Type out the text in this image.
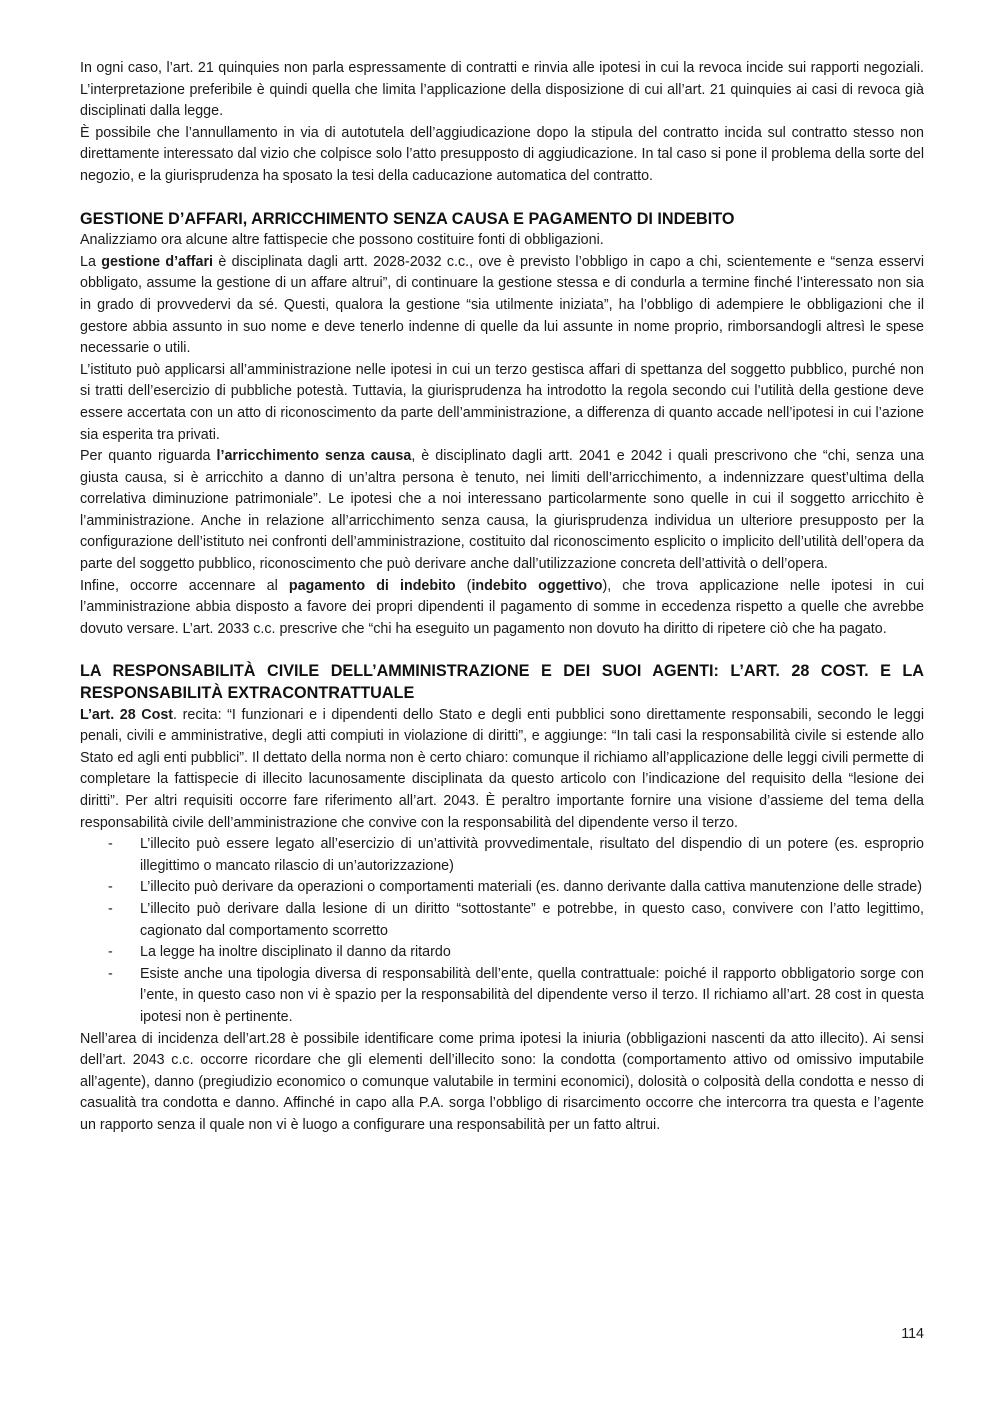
In ogni caso, l’art. 21 quinquies non parla espressamente di contratti e rinvia alle ipotesi in cui la revoca incide sui rapporti negoziali. L’interpretazione preferibile è quindi quella che limita l’applicazione della disposizione di cui all’art. 21 quinquies ai casi di revoca già disciplinati dalla legge.

È possibile che l’annullamento in via di autotutela dell’aggiudicazione dopo la stipula del contratto incida sul contratto stesso non direttamente interessato dal vizio che colpisce solo l’atto presupposto di aggiudicazione. In tal caso si pone il problema della sorte del negozio, e la giurisprudenza ha sposato la tesi della caducazione automatica del contratto.

GESTIONE D’AFFARI, ARRICCHIMENTO SENZA CAUSA E PAGAMENTO DI INDEBITO

Analizziamo ora alcune altre fattispecie che possono costituire fonti di obbligazioni.

La gestione d’affari è disciplinata dagli artt. 2028-2032 c.c., ove è previsto l’obbligo in capo a chi, scientemente e “senza esservi obbligato, assume la gestione di un affare altrui”, di continuare la gestione stessa e di condurla a termine finché l’interessato non sia in grado di provvedervi da sé. Questi, qualora la gestione “sia utilmente iniziata”, ha l’obbligo di adempiere le obbligazioni che il gestore abbia assunto in suo nome e deve tenerlo indenne di quelle da lui assunte in nome proprio, rimborsandogli altresì le spese necessarie o utili.

L’istituto può applicarsi all’amministrazione nelle ipotesi in cui un terzo gestisca affari di spettanza del soggetto pubblico, purché non si tratti dell’esercizio di pubbliche potestà. Tuttavia, la giurisprudenza ha introdotto la regola secondo cui l’utilità della gestione deve essere accertata con un atto di riconoscimento da parte dell’amministrazione, a differenza di quanto accade nell’ipotesi in cui l’azione sia esperita tra privati.

Per quanto riguarda l’arricchimento senza causa, è disciplinato dagli artt. 2041 e 2042 i quali prescrivono che “chi, senza una giusta causa, si è arricchito a danno di un’altra persona è tenuto, nei limiti dell’arricchimento, a indennizzare quest’ultima della correlativa diminuzione patrimoniale”. Le ipotesi che a noi interessano particolarmente sono quelle in cui il soggetto arricchito è l’amministrazione. Anche in relazione all’arricchimento senza causa, la giurisprudenza individua un ulteriore presupposto per la configurazione dell’istituto nei confronti dell’amministrazione, costituito dal riconoscimento esplicito o implicito dell’utilità dell’opera da parte del soggetto pubblico, riconoscimento che può derivare anche dall’utilizzazione concreta dell’attività o dell’opera.

Infine, occorre accennare al pagamento di indebito (indebito oggettivo), che trova applicazione nelle ipotesi in cui l’amministrazione abbia disposto a favore dei propri dipendenti il pagamento di somme in eccedenza rispetto a quelle che avrebbe dovuto versare. L’art. 2033 c.c. prescrive che “chi ha eseguito un pagamento non dovuto ha diritto di ripetere ciò che ha pagato.

LA RESPONSABILITÀ CIVILE DELL’AMMINISTRAZIONE E DEI SUOI AGENTI: L’ART. 28 COST. E LA RESPONSABILITÀ EXTRACONTRATTUALE

L’art. 28 Cost. recita: “I funzionari e i dipendenti dello Stato e degli enti pubblici sono direttamente responsabili, secondo le leggi penali, civili e amministrative, degli atti compiuti in violazione di diritti”, e aggiunge: “In tali casi la responsabilità civile si estende allo Stato ed agli enti pubblici”. Il dettato della norma non è certo chiaro: comunque il richiamo all’applicazione delle leggi civili permette di completare la fattispecie di illecito lacunosamente disciplinata da questo articolo con l’indicazione del requisito della “lesione dei diritti”. Per altri requisiti occorre fare riferimento all’art. 2043. È peraltro importante fornire una visione d’assieme del tema della responsabilità civile dell’amministrazione che convive con la responsabilità del dipendente verso il terzo.

- L’illecito può essere legato all’esercizio di un’attività provvedimentale, risultato del dispendio di un potere (es. esproprio illegittimo o mancato rilascio di un’autorizzazione)
- L’illecito può derivare da operazioni o comportamenti materiali (es. danno derivante dalla cattiva manutenzione delle strade)
- L’illecito può derivare dalla lesione di un diritto “sottostante” e potrebbe, in questo caso, convivere con l’atto legittimo, cagionato dal comportamento scorretto
- La legge ha inoltre disciplinato il danno da ritardo
- Esiste anche una tipologia diversa di responsabilità dell’ente, quella contrattuale: poiché il rapporto obbligatorio sorge con l’ente, in questo caso non vi è spazio per la responsabilità del dipendente verso il terzo. Il richiamo all’art. 28 cost in questa ipotesi non è pertinente.

Nell’area di incidenza dell’art.28 è possibile identificare come prima ipotesi la iniuria (obbligazioni nascenti da atto illecito). Ai sensi dell’art. 2043 c.c. occorre ricordare che gli elementi dell’illecito sono: la condotta (comportamento attivo od omissivo imputabile all’agente), danno (pregiudizio economico o comunque valutabile in termini economici), dolosità o colposità della condotta e nesso di casualità tra condotta e danno. Affinché in capo alla P.A. sorga l’obbligo di risarcimento occorre che intercorra tra questa e l’agente un rapporto senza il quale non vi è luogo a configurare una responsabilità per un fatto altrui.

114
